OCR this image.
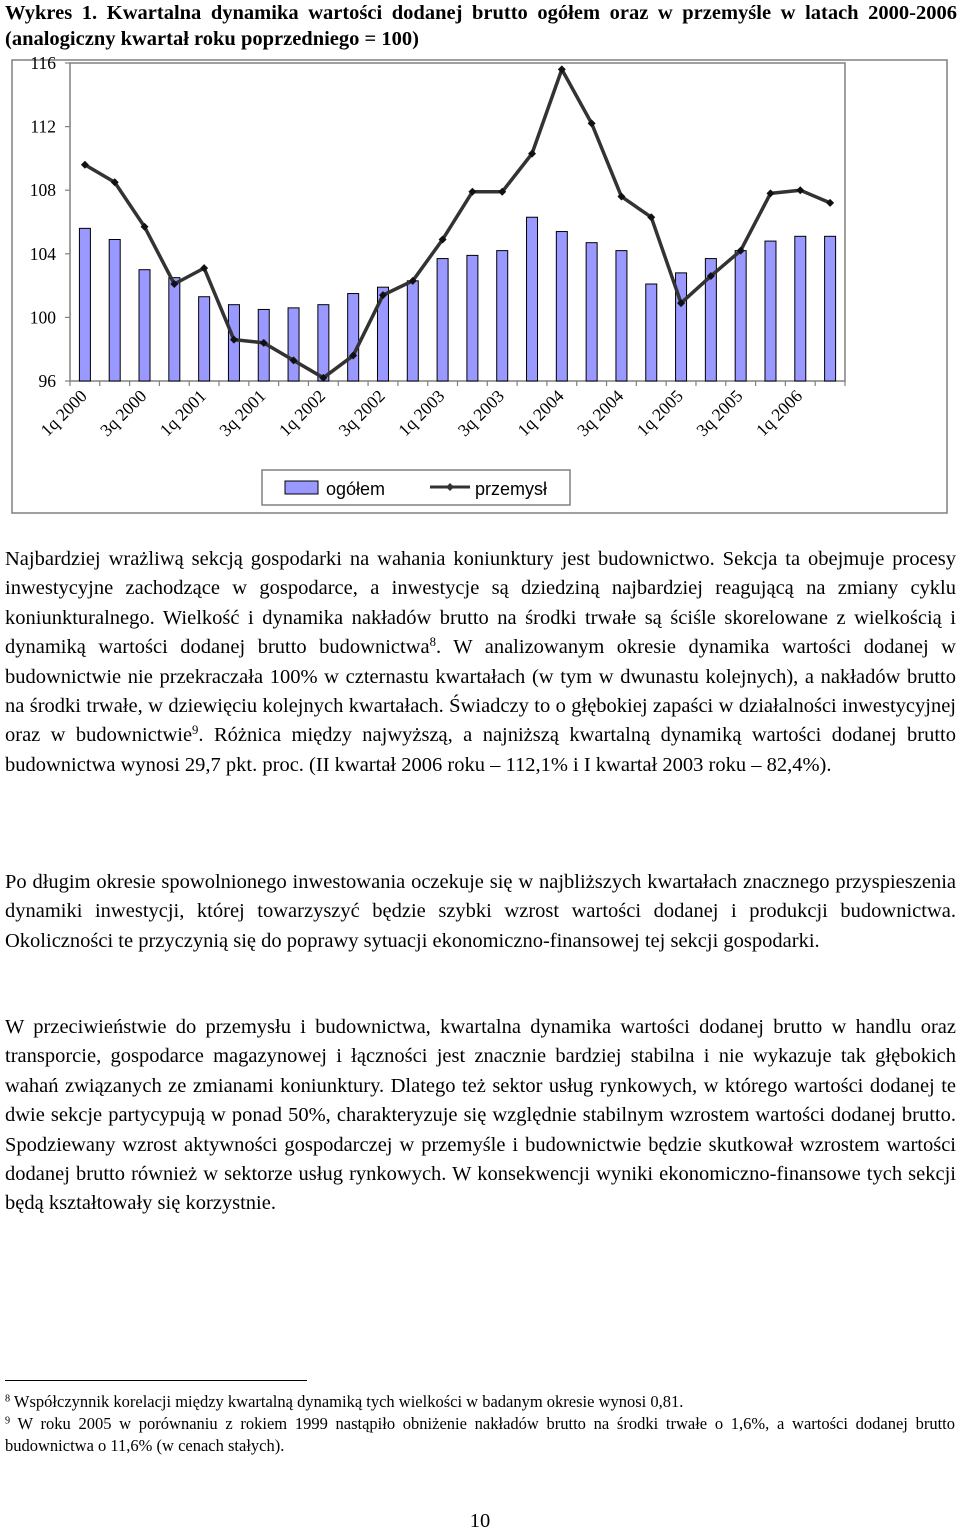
Wykres 1. Kwartalna dynamika wartości dodanej brutto ogółem oraz w przemyśle w latach 2000-2006 (analogiczny kwartał roku poprzedniego = 100)
116
112
108
104
100
96
1q 2000 3q 2000 1q 2001 3q 2001 1q 2002 3q 2002 1q 2003 3q 2003 1q 2004 3q 2004 1q 2005 3q 2005 1q 2006
ogółem	przemysł

Najbardziej wrażliwą sekcją gospodarki na wahania koniunktury jest budownictwo. Sekcja ta obejmuje procesy inwestycyjne zachodzące w gospodarce, a inwestycje są dziedziną najbardziej reagującą na zmiany cyklu koniunkturalnego. Wielkość i dynamika nakładów brutto na środki trwałe są ściśle skorelowane z wielkością i dynamiką wartości dodanej brutto budownictwa$^8$. W analizowanym okresie dynamika wartości dodanej w budownictwie nie przekraczała 100% w czternastu kwartałach (w tym w dwunastu kolejnych), a nakładów brutto na środki trwałe, w dziewięciu kolejnych kwartałach. Świadczy to o głębokiej zapaści w działalności inwestycyjnej oraz w budownictwie$^9$. Różnica między najwyższą, a najniższą kwartalną dynamiką wartości dodanej brutto budownictwa wynosi 29,7 pkt. proc. (II kwartał 2006 roku – 112,1% i I kwartał 2003 roku – 82,4%).

Po długim okresie spowolnionego inwestowania oczekuje się w najbliższych kwartałach znacznego przyspieszenia dynamiki inwestycji, której towarzyszyć będzie szybki wzrost wartości dodanej i produkcji budownictwa. Okoliczności te przyczynią się do poprawy sytuacji ekonomiczno-finansowej tej sekcji gospodarki.

W przeciwieństwie do przemysłu i budownictwa, kwartalna dynamika wartości dodanej brutto w handlu oraz transporcie, gospodarce magazynowej i łączności jest znacznie bardziej stabilna i nie wykazuje tak głębokich wahań związanych ze zmianami koniunktury. Dlatego też sektor usług rynkowych, w którego wartości dodanej te dwie sekcje partycypują w ponad 50%, charakteryzuje się względnie stabilnym wzrostem wartości dodanej brutto. Spodziewany wzrost aktywności gospodarczej w przemyśle i budownictwie będzie skutkował wzrostem wartości dodanej brutto również w sektorze usług rynkowych. W konsekwencji wyniki ekonomiczno-finansowe tych sekcji będą kształtowały się korzystnie.

$^8$ Współczynnik korelacji między kwartalną dynamiką tych wielkości w badanym okresie wynosi 0,81.

$^9$ W roku 2005 w porównaniu z rokiem 1999 nastąpiło obniżenie nakładów brutto na środki trwałe o 1,6%, a wartości dodanej brutto budownictwa o 11,6% (w cenach stałych).

10
